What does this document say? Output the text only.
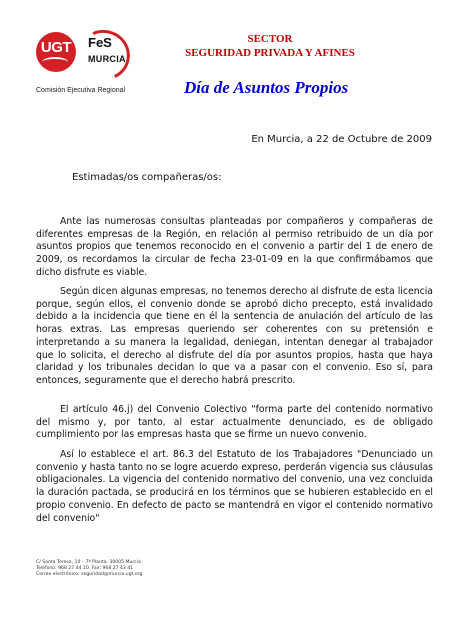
UGT FeS
MURCIA
Comisión Ejecutiva Regional
SECTOR
SEGURIDAD PRIVADA Y AFINES
Día de Asuntos Propios
En Murcia, a 22 de Octubre de 2009
Estimadas/os compañeras/os:

Ante las numerosas consultas planteadas por compañeros y compañeras de diferentes empresas de la Región, en relación al permiso retribuido de un día por asuntos propios que tenemos reconocido en el convenio a partir del 1 de enero de 2009, os recordamos la circular de fecha 23-01-09 en la que confirmábamos que dicho disfrute es viable.

Según dicen algunas empresas, no tenemos derecho al disfrute de esta licencia porque, según ellos, el convenio donde se aprobó dicho precepto, está invalidado debido a la incidencia que tiene en él la sentencia de anulación del artículo de las horas extras. Las empresas queriendo ser coherentes con su pretensión e interpretando a su manera la legalidad, deniegan, intentan denegar al trabajador que lo solicita, el derecho al disfrute del día por asuntos propios, hasta que haya claridad y los tribunales decidan lo que va a pasar con el convenio. Eso sí, para entonces, seguramente que el derecho habrá prescrito.

El artículo 46.j) del Convenio Colectivo "forma parte del contenido normativo del mismo y, por tanto, al estar actualmente denunciado, es de obligado cumplimiento por las empresas hasta que se firme un nuevo convenio.

Así lo establece el art. 86.3 del Estatuto de los Trabajadores "Denunciado un convenio y hasta tanto no se logre acuerdo expreso, perderán vigencia sus cláusulas obligacionales. La vigencia del contenido normativo del convenio, una vez concluida la duración pactada, se producirá en los términos que se hubieren establecido en el propio convenio. En defecto de pacto se mantendrá en vigor el contenido normativo del convenio"

C/ Santa Teresa, 10 – 7ª Planta. 30005 Murcia
Teléfono: 968 27 44 10. Fax: 968 27 43 41
Correo electrónico: seguridad@murcia.ugt.org
